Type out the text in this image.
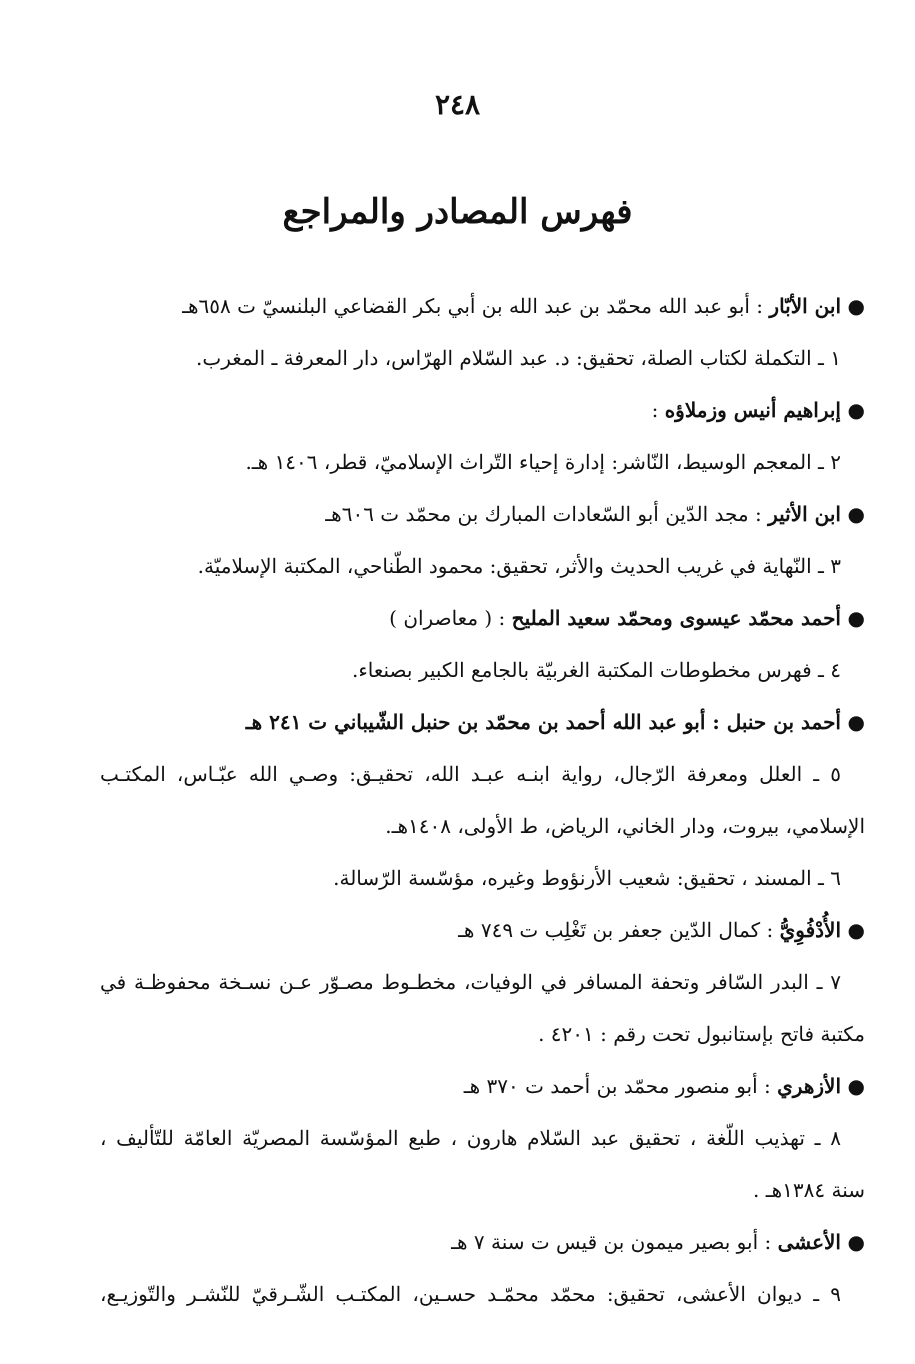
٢٤٨
فهرس المصادر والمراجع
●ابن الأبّار : أبو عبد الله محمّد بن عبد الله بن أبي بكر القضاعي البلنسيّ ت ٦٥٨هـ
١ ـ التكملة لكتاب الصلة، تحقيق: د. عبد السّلام الهرّاس، دار المعرفة ـ المغرب.
●إبراهيم أنيس وزملاؤه :
٢ ـ المعجم الوسيط، النّاشر: إدارة إحياء التّراث الإسلاميّ، قطر، ١٤٠٦ هـ.
●ابن الأثير : مجد الدّين أبو السّعادات المبارك بن محمّد ت ٦٠٦هـ
٣ ـ النّهاية في غريب الحديث والأثر، تحقيق: محمود الطّناحي، المكتبة الإسلاميّة.
●أحمد محمّد عيسوى ومحمّد سعيد المليح : ( معاصران )
٤ ـ فهرس مخطوطات المكتبة الغربيّة بالجامع الكبير بصنعاء.
●أحمد بن حنبل : أبو عبد الله أحمد بن محمّد بن حنبل الشّيباني ت ٢٤١ هـ
٥ ـ العلل ومعرفة الرّجال، رواية ابنـه عبـد الله، تحقيـق: وصـي الله عبّـاس، المكتـب
الإسلامي، بيروت، ودار الخاني، الرياض، ط الأولى، ١٤٠٨هـ.
٦ ـ المسند ، تحقيق: شعيب الأرنؤوط وغيره، مؤسّسة الرّسالة.
●الأُدْفُوِيُّ : كمال الدّين جعفر بن تَغْلِب ت ٧٤٩ هـ
٧ ـ البدر السّافر وتحفة المسافر في الوفيات، مخطـوط مصـوّر عـن نسـخة محفوظـة في
مكتبة فاتح بإستانبول تحت رقم : ٤٢٠١ .
●الأزهري : أبو منصور محمّد بن أحمد ت ٣٧٠ هـ
٨ ـ تهذيب اللّغة ، تحقيق عبد السّلام هارون ، طبع المؤسّسة المصريّة العامّة للتّأليف ،
سنة ١٣٨٤هـ .
●الأعشى : أبو بصير ميمون بن قيس ت سنة ٧ هـ
٩ ـ ديوان الأعشى، تحقيق: محمّد محمّـد حسـين، المكتـب الشّـرقيّ للنّشـر والتّوزيـع،
